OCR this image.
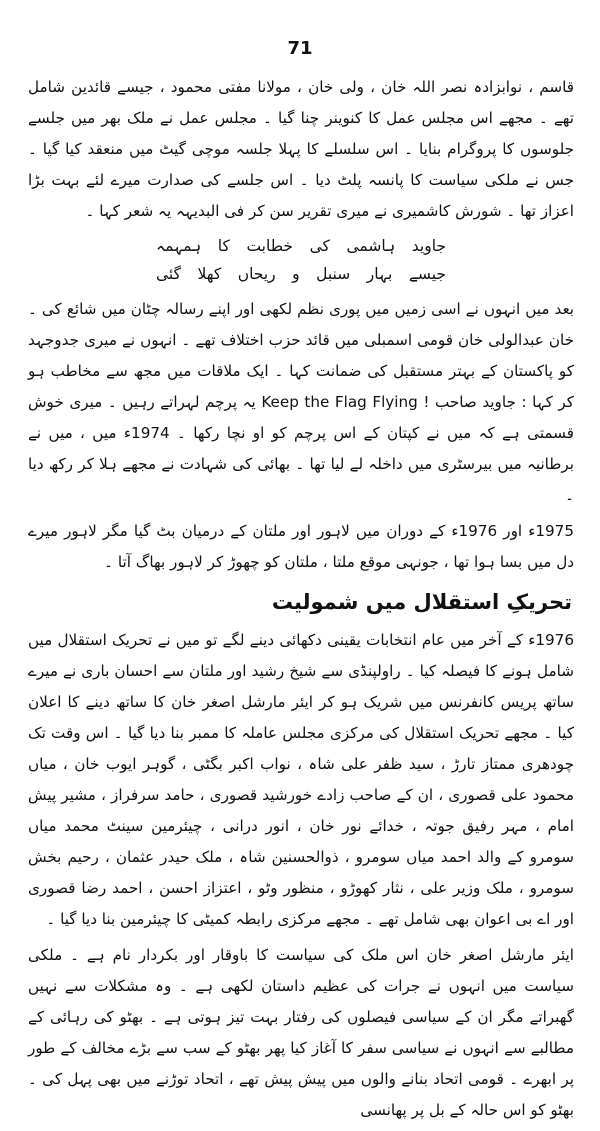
71

قاسم ، نوابزادہ نصر اللہ خان ، ولی خان ، مولانا مفتی محمود ، جیسے قائدین شامل تھے ۔ مجھے اس مجلس عمل کا کنوینر چنا گیا ۔ مجلس عمل نے ملک بھر میں جلسے جلوسوں کا پروگرام بنایا ۔ اس سلسلے کا پہلا جلسہ موچی گیٹ میں منعقد کیا گیا ۔ جس نے ملکی سیاست کا پانسہ پلٹ دیا ۔ اس جلسے کی صدارت میرے لئے بہت بڑا اعزاز تھا ۔ شورش کاشمیری نے میری تقریر سن کر فی البدیہہ یہ شعر کہا ۔

جاوید ہاشمی کی خطابت کا ہمہمہ
جیسے بہار سنبل و ریحاں کھلا گئی

بعد میں انہوں نے اسی زمیں میں پوری نظم لکھی اور اپنے رسالہ چٹان میں شائع کی ۔ خان عبدالولی خان قومی اسمبلی میں قائد حزب اختلاف تھے ۔ انہوں نے میری جدوجہد کو پاکستان کے بہتر مستقبل کی ضمانت کہا ۔ ایک ملاقات میں مجھ سے مخاطب ہو کر کہا : جاوید صاحب ! Keep the Flag Flying یہ پرچم لہراتے رہیں ۔ میری خوش قسمتی ہے کہ میں نے کپتان کے اس پرچم کو او نچا رکھا ۔ 1974ء میں ، میں نے برطانیہ میں بیرسٹری میں داخلہ لے لیا تھا ۔ بھائی کی شہادت نے مجھے ہلا کر رکھ دیا ۔

1975ء اور 1976ء کے دوران میں لاہور اور ملتان کے درمیان بٹ گیا مگر لاہور میرے دل میں بسا ہوا تھا ، جونہی موقع ملتا ، ملتان کو چھوڑ کر لاہور بھاگ آتا ۔

تحریکِ استقلال میں شمولیت

1976ء کے آخر میں عام انتخابات یقینی دکھائی دینے لگے تو میں نے تحریک استقلال میں شامل ہونے کا فیصلہ کیا ۔ راولپنڈی سے شیخ رشید اور ملتان سے احسان باری نے میرے ساتھ پریس کانفرنس میں شریک ہو کر ایئر مارشل اصغر خان کا ساتھ دینے کا اعلان کیا ۔ مجھے تحریک استقلال کی مرکزی مجلس عاملہ کا ممبر بنا دیا گیا ۔ اس وقت تک چودھری ممتاز تارڑ ، سید ظفر علی شاہ ، نواب اکبر بگٹی ، گوہر ایوب خان ، میاں محمود علی قصوری ، ان کے صاحب زادے خورشید قصوری ، حامد سرفراز ، مشیر پیش امام ، مہر رفیق جوتہ ، خدائے نور خان ، انور درانی ، چیئرمین سینٹ محمد میاں سومرو کے والد احمد میاں سومرو ، ذوالحسنین شاہ ، ملک حیدر عثمان ، رحیم بخش سومرو ، ملک وزیر علی ، نثار کھوڑو ، منظور وٹو ، اعتزاز احسن ، احمد رضا قصوری اور اے بی اعوان بھی شامل تھے ۔ مجھے مرکزی رابطہ کمیٹی کا چیئرمین بنا دیا گیا ۔

ایئر مارشل اصغر خان اس ملک کی سیاست کا باوقار اور بکردار نام ہے ۔ ملکی سیاست میں انہوں نے جرات کی عظیم داستان لکھی ہے ۔ وہ مشکلات سے نہیں گھبراتے مگر ان کے سیاسی فیصلوں کی رفتار بہت تیز ہوتی ہے ۔ بھٹو کی رہائی کے مطالبے سے انہوں نے سیاسی سفر کا آغاز کیا پھر بھٹو کے سب سے بڑے مخالف کے طور پر ابھرے ۔ قومی اتحاد بنانے والوں میں پیش پیش تھے ، اتحاد توڑنے میں بھی پہل کی ۔ بھٹو کو اس حالہ کے بل پر پھانسی
